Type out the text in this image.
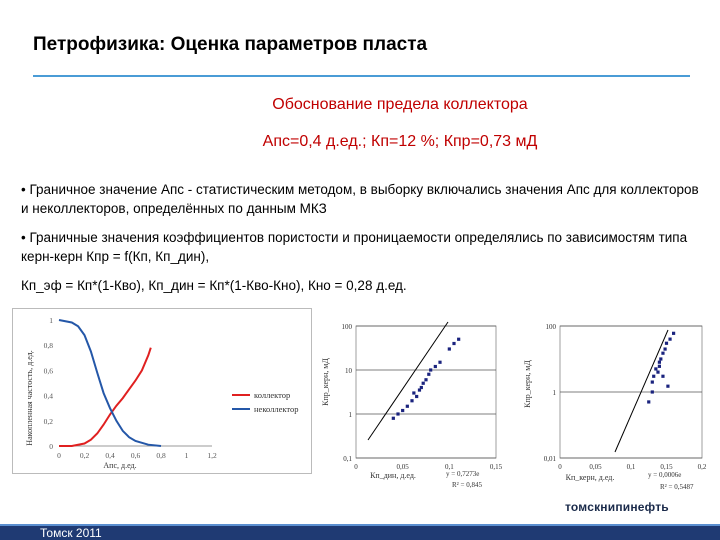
Петрофизика: Оценка параметров пласта
Обоснование предела коллектора
Апс=0,4 д.ед.; Кп=12 %; Кпр=0,73 мД
• Граничное значение Апс - статистическим методом, в выборку включались значения Апс для коллекторов и неколлекторов, определённых по данным МКЗ
• Граничные значения коэффициентов пористости и проницаемости определялись по зависимостям типа керн-керн Кпр = f(Кп, Кп_дин),
Кп_эф = Кп*(1-Кво), Кп_дин = Кп*(1-Кво-Кно), Кно = 0,28 д.ед.
Накопленная частость, д.ед.
0
0,2
0,4
0,6
0,8
1
0	0,2 0,4 0,6 0,8	1	1,2
Апс, д.ед.
коллектор
неколлектор
Кпр_керн, мД
0,1
1
10
100
0	0,05	0,1	0,15
Кп_дин, д.ед.	y = 0,7273e
R² = 0,845
Кпр_керн, мД
0,01
1
100
0	0,05	0,1	0,15	0,2
Кп_керн, д.ед.	y = 0,0006e
R² = 0,5487
томскнипинефть
Томск 2011
